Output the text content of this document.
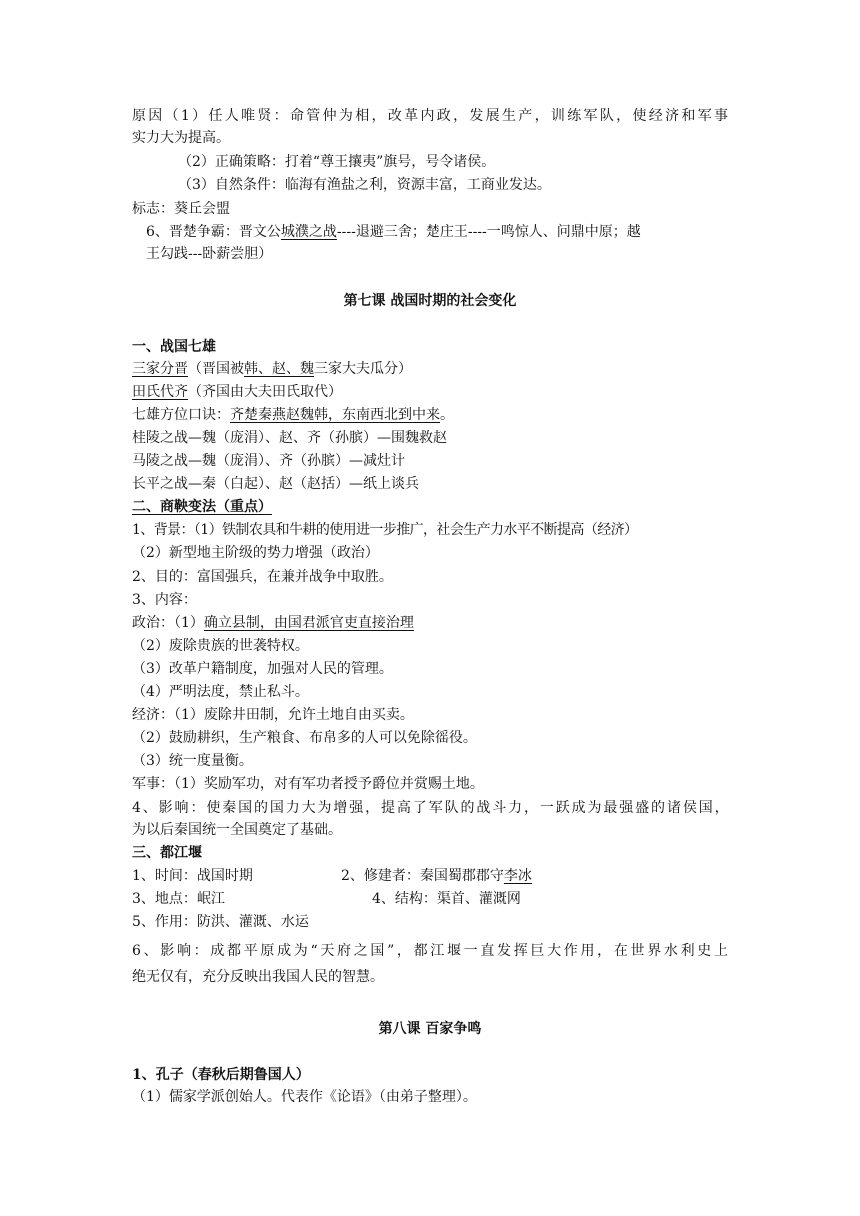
原因（1）任人唯贤：命管仲为相，改革内政，发展生产，训练军队，使经济和军事
实力大为提高。
（2）正确策略：打着“尊王攘夷”旗号，号令诸侯。
（3）自然条件：临海有渔盐之利，资源丰富，工商业发达。
标志：葵丘会盟
6、晋楚争霸：晋文公城濮之战----退避三舍；楚庄王----一鸣惊人、问鼎中原；越
王勾践---卧薪尝胆）
第七课 战国时期的社会变化
一、战国七雄
三家分晋（晋国被韩、赵、魏三家大夫瓜分）
田氏代齐（齐国由大夫田氏取代）
七雄方位口诀：齐楚秦燕赵魏韩，东南西北到中来。
桂陵之战—魏（庞涓）、赵、齐（孙膑）—围魏救赵
马陵之战—魏（庞涓）、齐（孙膑）—减灶计
长平之战—秦（白起）、赵（赵括）—纸上谈兵
二、商鞅变法（重点）
1、背景：（1）铁制农具和牛耕的使用进一步推广，社会生产力水平不断提高（经济）
（2）新型地主阶级的势力增强（政治）
2、目的：富国强兵，在兼并战争中取胜。
3、内容：
政治：（1）确立县制，由国君派官吏直接治理
（2）废除贵族的世袭特权。
（3）改革户籍制度，加强对人民的管理。
（4）严明法度，禁止私斗。
经济：（1）废除井田制，允许土地自由买卖。
（2）鼓励耕织，生产粮食、布帛多的人可以免除徭役。
（3）统一度量衡。
军事：（1）奖励军功，对有军功者授予爵位并赏赐土地。
4、影响：使秦国的国力大为增强，提高了军队的战斗力，一跃成为最强盛的诸侯国，
为以后秦国统一全国奠定了基础。
三、都江堰
1、时间：战国时期	2、修建者：秦国蜀郡郡守李冰
3、地点：岷江	4、结构：渠首、灌溉网
5、作用：防洪、灌溉、水运
6、影响：成都平原成为“天府之国”，都江堰一直发挥巨大作用，在世界水利史上
绝无仅有，充分反映出我国人民的智慧。
第八课 百家争鸣
1、孔子（春秋后期鲁国人）
（1）儒家学派创始人。代表作《论语》（由弟子整理）。
